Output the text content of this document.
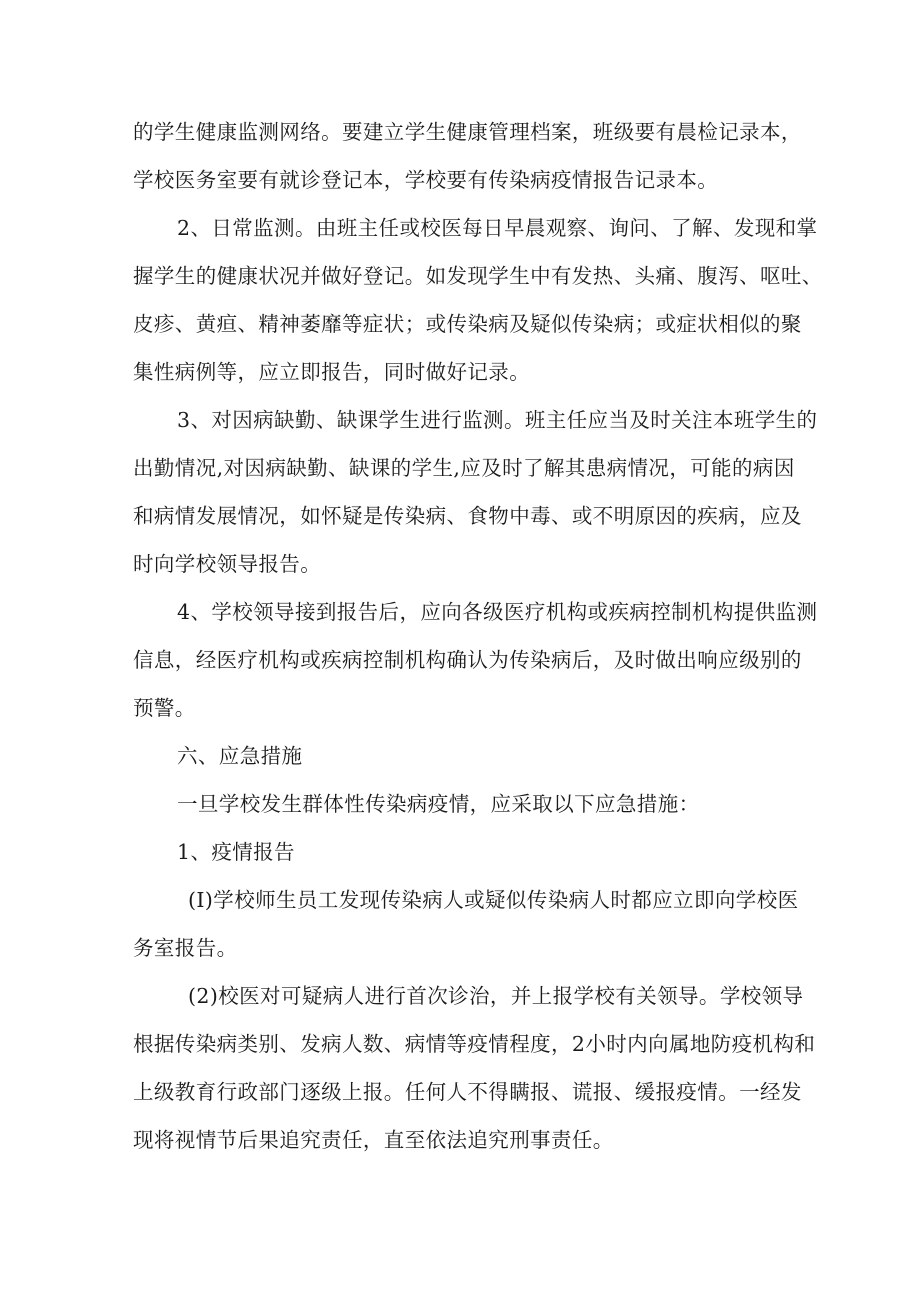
的学生健康监测网络。要建立学生健康管理档案，班级要有晨检记录本，
学校医务室要有就诊登记本，学校要有传染病疫情报告记录本。
2、日常监测。由班主任或校医每日早晨观察、询问、了解、发现和掌
握学生的健康状况并做好登记。如发现学生中有发热、头痛、腹泻、呕吐、
皮疹、黄疸、精神萎靡等症状；或传染病及疑似传染病；或症状相似的聚
集性病例等，应立即报告，同时做好记录。
3、对因病缺勤、缺课学生进行监测。班主任应当及时关注本班学生的
出勤情况,对因病缺勤、缺课的学生,应及时了解其患病情况，可能的病因
和病情发展情况，如怀疑是传染病、食物中毒、或不明原因的疾病，应及
时向学校领导报告。
4、学校领导接到报告后，应向各级医疗机构或疾病控制机构提供监测
信息，经医疗机构或疾病控制机构确认为传染病后，及时做出响应级别的
预警。
六、应急措施
一旦学校发生群体性传染病疫情，应采取以下应急措施：
1、疫情报告
(I)学校师生员工发现传染病人或疑似传染病人时都应立即向学校医
务室报告。
(2)校医对可疑病人进行首次诊治，并上报学校有关领导。学校领导
根据传染病类别、发病人数、病情等疫情程度，2小时内向属地防疫机构和
上级教育行政部门逐级上报。任何人不得瞒报、谎报、缓报疫情。一经发
现将视情节后果追究责任，直至依法追究刑事责任。
